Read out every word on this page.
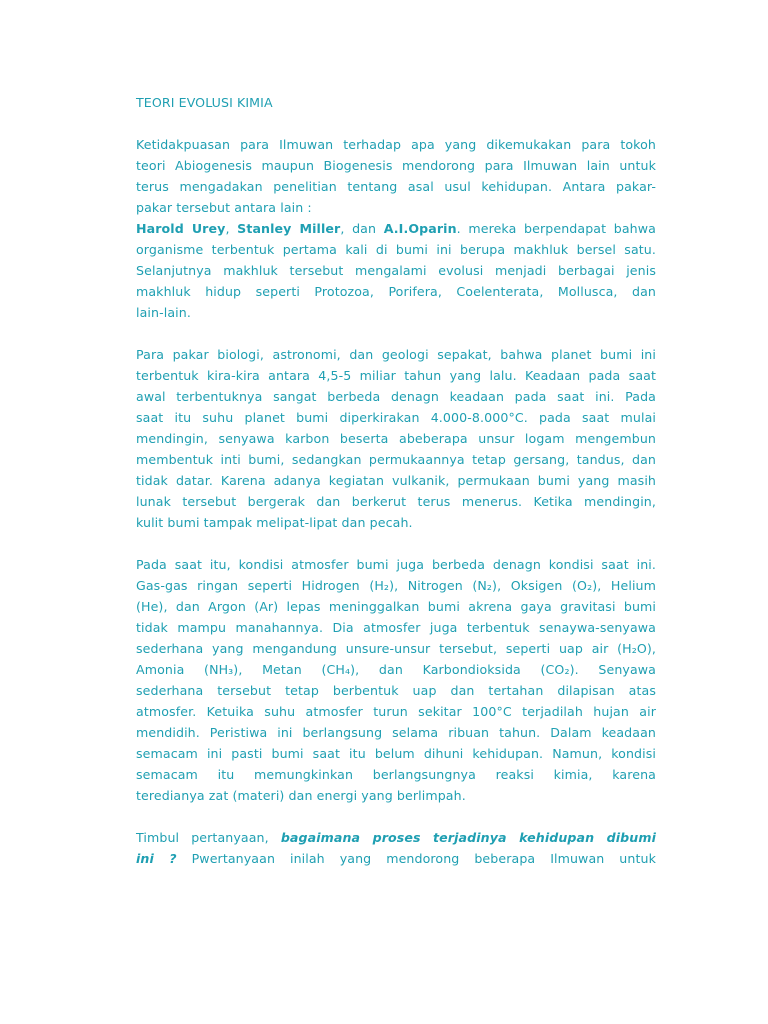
TEORI EVOLUSI KIMIA
Ketidakpuasan para Ilmuwan terhadap apa yang dikemukakan para tokoh
teori Abiogenesis maupun Biogenesis mendorong para Ilmuwan lain untuk
terus mengadakan penelitian tentang asal usul kehidupan. Antara pakar-
pakar tersebut antara lain :
Harold Urey, Stanley Miller, dan A.I.Oparin. mereka berpendapat bahwa
organisme terbentuk pertama kali di bumi ini berupa makhluk bersel satu.
Selanjutnya makhluk tersebut mengalami evolusi menjadi berbagai jenis
makhluk hidup seperti Protozoa, Porifera, Coelenterata, Mollusca, dan
lain-lain.
Para pakar biologi, astronomi, dan geologi sepakat, bahwa planet bumi ini
terbentuk kira-kira antara 4,5-5 miliar tahun yang lalu. Keadaan pada saat
awal terbentuknya sangat berbeda denagn keadaan pada saat ini. Pada
saat itu suhu planet bumi diperkirakan 4.000-8.000°C. pada saat mulai
mendingin, senyawa karbon beserta abeberapa unsur logam mengembun
membentuk inti bumi, sedangkan permukaannya tetap gersang, tandus, dan
tidak datar. Karena adanya kegiatan vulkanik, permukaan bumi yang masih
lunak tersebut bergerak dan berkerut terus menerus. Ketika mendingin,
kulit bumi tampak melipat-lipat dan pecah.
Pada saat itu, kondisi atmosfer bumi juga berbeda denagn kondisi saat ini.
Gas-gas ringan seperti Hidrogen (H₂), Nitrogen (N₂), Oksigen (O₂), Helium
(He), dan Argon (Ar) lepas meninggalkan bumi akrena gaya gravitasi bumi
tidak mampu manahannya. Dia atmosfer juga terbentuk senaywa-senyawa
sederhana yang mengandung unsure-unsur tersebut, seperti uap air (H₂O),
Amonia (NH₃), Metan (CH₄), dan Karbondioksida (CO₂). Senyawa
sederhana tersebut tetap berbentuk uap dan tertahan dilapisan atas
atmosfer. Ketuika suhu atmosfer turun sekitar 100°C terjadilah hujan air
mendidih. Peristiwa ini berlangsung selama ribuan tahun. Dalam keadaan
semacam ini pasti bumi saat itu belum dihuni kehidupan. Namun, kondisi
semacam itu memungkinkan berlangsungnya reaksi kimia, karena
teredianya zat (materi) dan energi yang berlimpah.
Timbul pertanyaan, bagaimana proses terjadinya kehidupan dibumi
ini ? Pwertanyaan inilah yang mendorong beberapa Ilmuwan untuk
